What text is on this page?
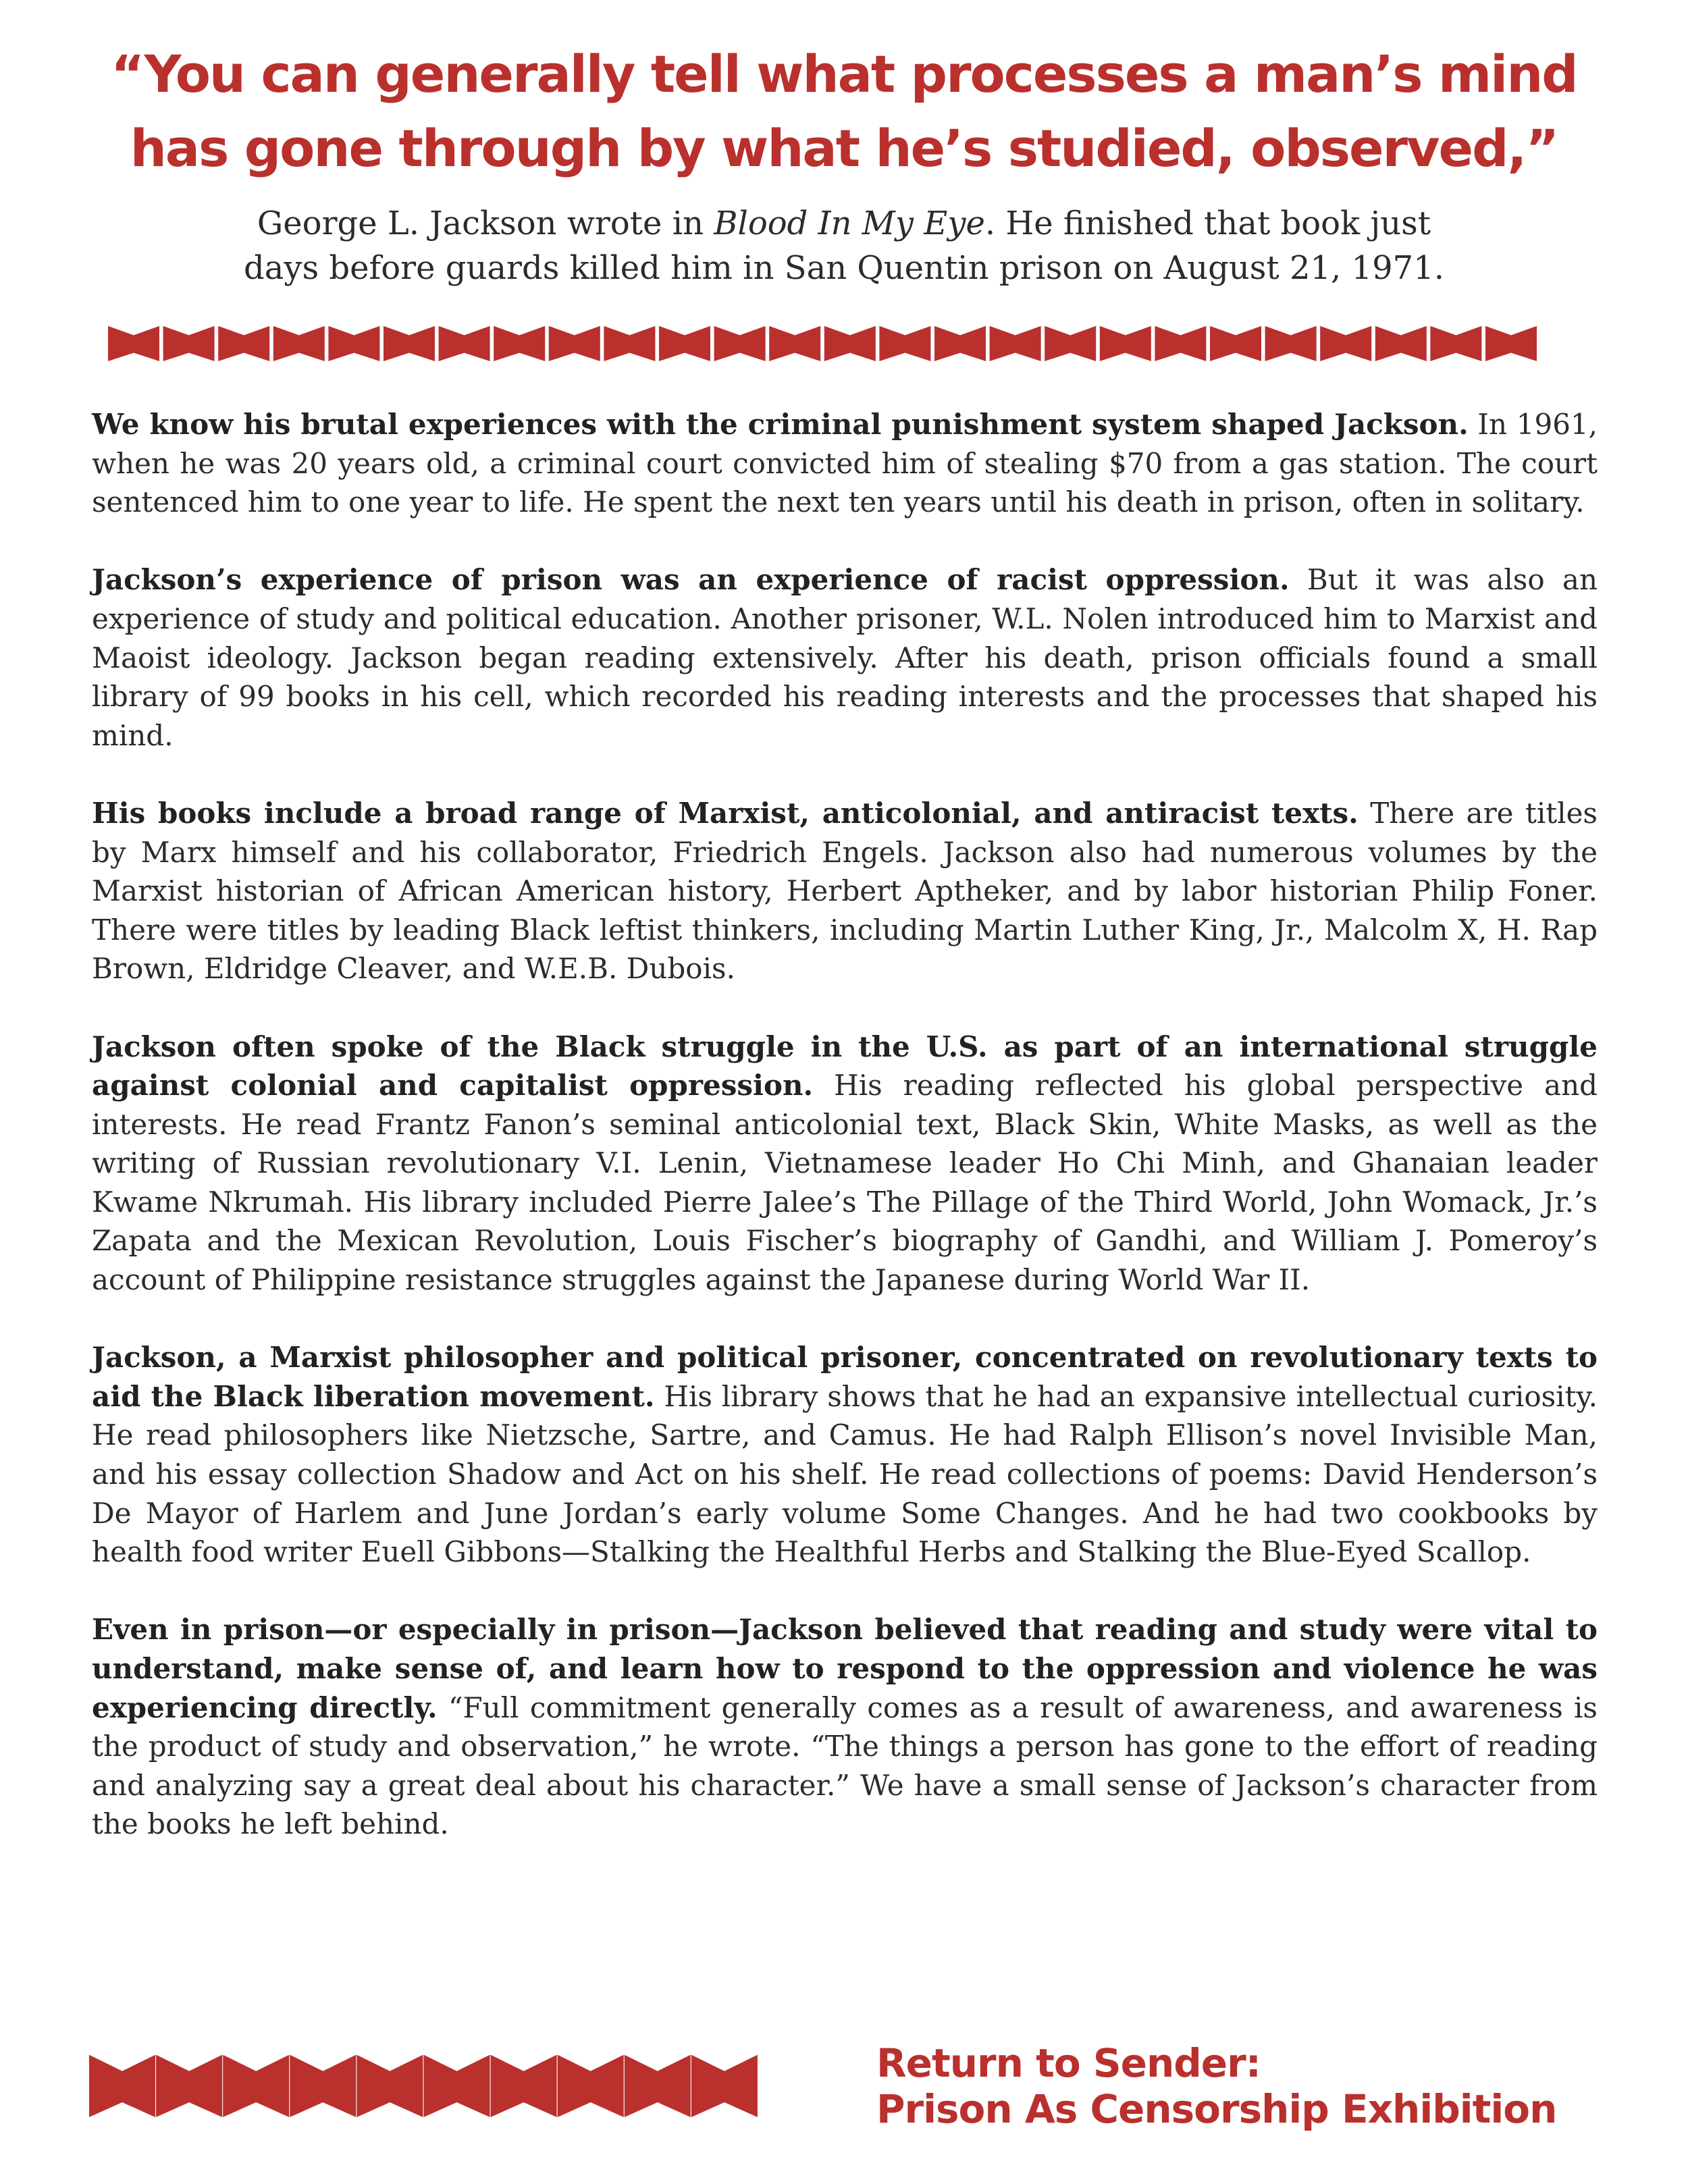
“You can generally tell what processes a man’s mind
has gone through by what he’s studied, observed,”
George L. Jackson wrote in Blood In My Eye. He finished that book just
days before guards killed him in San Quentin prison on August 21, 1971.

We know his brutal experiences with the criminal punishment system shaped Jackson. In 1961, when he was 20 years old, a criminal court convicted him of stealing $70 from a gas station. The court sentenced him to one year to life. He spent the next ten years until his death in prison, often in solitary.

Jackson’s experience of prison was an experience of racist oppression. But it was also an experience of study and political education. Another prisoner, W.L. Nolen introduced him to Marxist and Maoist ideology. Jackson began reading extensively. After his death, prison officials found a small library of 99 books in his cell, which recorded his reading interests and the processes that shaped his mind.

His books include a broad range of Marxist, anticolonial, and antiracist texts. There are titles by Marx himself and his collaborator, Friedrich Engels. Jackson also had numerous volumes by the Marxist historian of African American history, Herbert Aptheker, and by labor historian Philip Foner. There were titles by leading Black leftist thinkers, including Martin Luther King, Jr., Malcolm X, H. Rap Brown, Eldridge Cleaver, and W.E.B. Dubois.

Jackson often spoke of the Black struggle in the U.S. as part of an international struggle against colonial and capitalist oppression. His reading reflected his global perspective and interests. He read Frantz Fanon’s seminal anticolonial text, Black Skin, White Masks, as well as the writing of Russian revolutionary V.I. Lenin, Vietnamese leader Ho Chi Minh, and Ghanaian leader Kwame Nkrumah. His library included Pierre Jalee’s The Pillage of the Third World, John Womack, Jr.’s Zapata and the Mexican Revolution, Louis Fischer’s biography of Gandhi, and William J. Pomeroy’s account of Philippine resistance struggles against the Japanese during World War II.

Jackson, a Marxist philosopher and political prisoner, concentrated on revolutionary texts to aid the Black liberation movement. His library shows that he had an expansive intellectual curiosity. He read philosophers like Nietzsche, Sartre, and Camus. He had Ralph Ellison’s novel Invisible Man, and his essay collection Shadow and Act on his shelf. He read collections of poems: David Henderson’s De Mayor of Harlem and June Jordan’s early volume Some Changes. And he had two cookbooks by health food writer Euell Gibbons—Stalking the Healthful Herbs and Stalking the Blue-Eyed Scallop.

Even in prison—or especially in prison—Jackson believed that reading and study were vital to understand, make sense of, and learn how to respond to the oppression and violence he was experiencing directly. “Full commitment generally comes as a result of awareness, and awareness is the product of study and observation,” he wrote. “The things a person has gone to the effort of reading and analyzing say a great deal about his character.” We have a small sense of Jackson’s character from the books he left behind.

Return to Sender:
Prison As Censorship Exhibition
